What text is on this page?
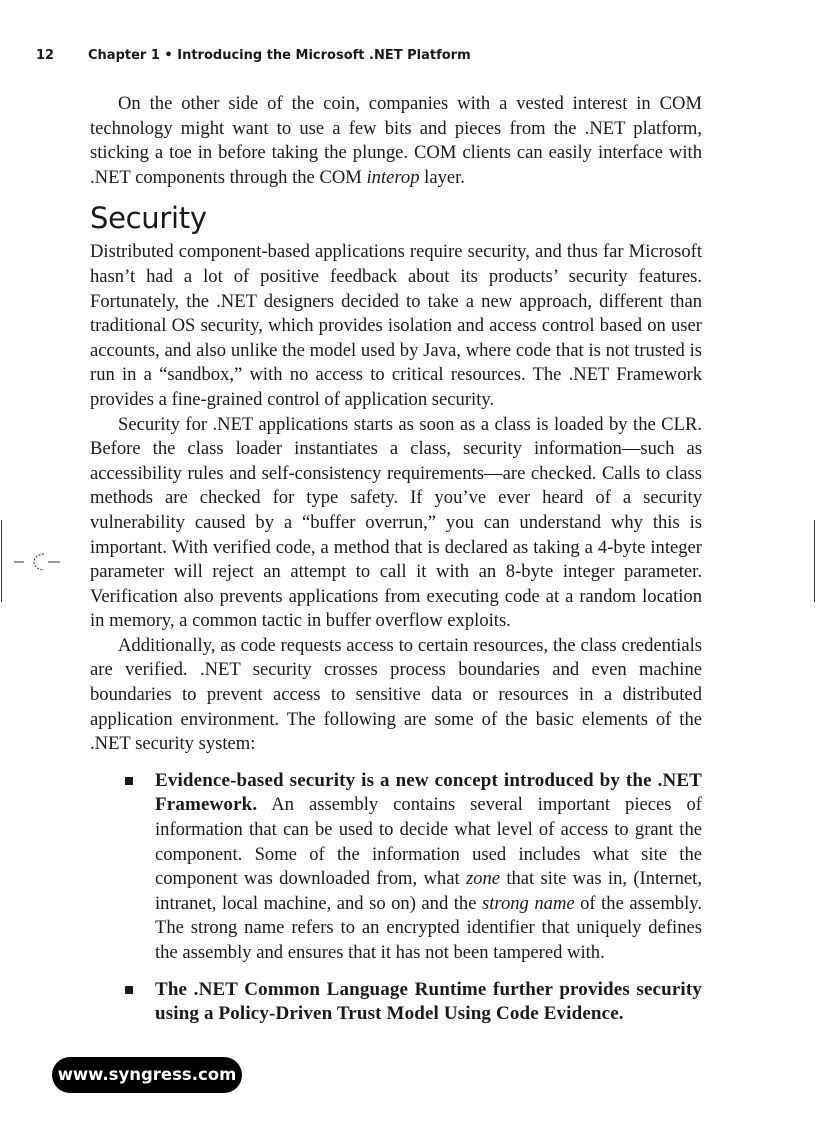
12	Chapter 1 • Introducing the Microsoft .NET Platform

On the other side of the coin, companies with a vested interest in COM technology might want to use a few bits and pieces from the .NET platform, sticking a toe in before taking the plunge. COM clients can easily interface with .NET components through the COM interop layer.

Security

Distributed component-based applications require security, and thus far Microsoft hasn’t had a lot of positive feedback about its products’ security features. Fortunately, the .NET designers decided to take a new approach, different than traditional OS security, which provides isolation and access control based on user accounts, and also unlike the model used by Java, where code that is not trusted is run in a “sandbox,” with no access to critical resources. The .NET Framework provides a fine-grained control of application security.

Security for .NET applications starts as soon as a class is loaded by the CLR. Before the class loader instantiates a class, security information—such as accessibility rules and self-consistency requirements—are checked. Calls to class methods are checked for type safety. If you’ve ever heard of a security vulnerability caused by a “buffer overrun,” you can understand why this is important. With verified code, a method that is declared as taking a 4-byte integer parameter will reject an attempt to call it with an 8-byte integer parameter. Verification also prevents applications from executing code at a random location in memory, a common tactic in buffer overflow exploits.

Additionally, as code requests access to certain resources, the class credentials are verified. .NET security crosses process boundaries and even machine boundaries to prevent access to sensitive data or resources in a distributed application environment. The following are some of the basic elements of the .NET security system:

Evidence-based security is a new concept introduced by the .NET Framework. An assembly contains several important pieces of information that can be used to decide what level of access to grant the component. Some of the information used includes what site the component was downloaded from, what zone that site was in, (Internet, intranet, local machine, and so on) and the strong name of the assembly. The strong name refers to an encrypted identifier that uniquely defines the assembly and ensures that it has not been tampered with.
The .NET Common Language Runtime further provides security using a Policy-Driven Trust Model Using Code Evidence.
www.syngress.com
